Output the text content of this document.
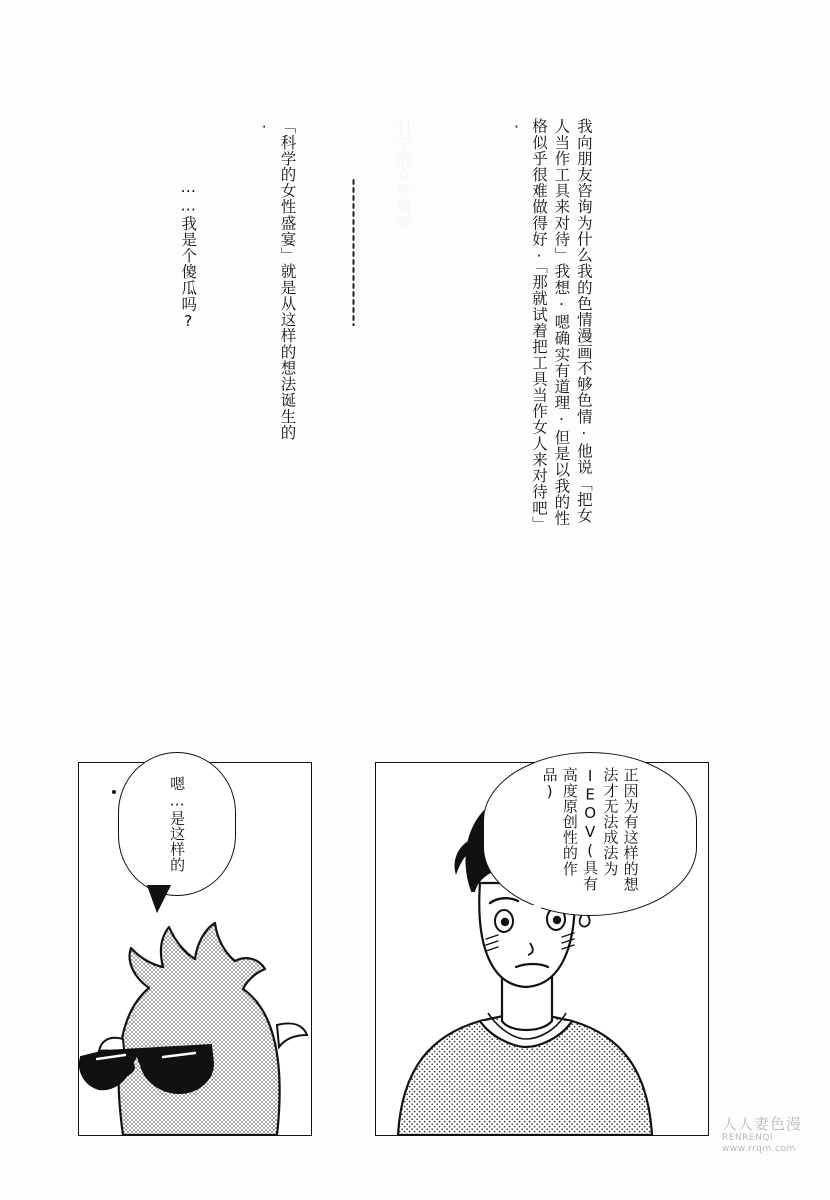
我向朋友咨询为什么我的色情漫画不够色情·他说「把女人当作工具来对待」我想·嗯确实有道理·但是以我的性格似乎很难做得好·「那就试着把工具当作女人来对待吧」·
「科学的女性盛宴」就是从这样的想法诞生的·
……我是个傻瓜吗?
嗯…是这样的	正因为有这样的想法才无法成法为IEOV(具有高度原创性的作品)
人人妻色漫
RENRENQI
www.rrqm.com
